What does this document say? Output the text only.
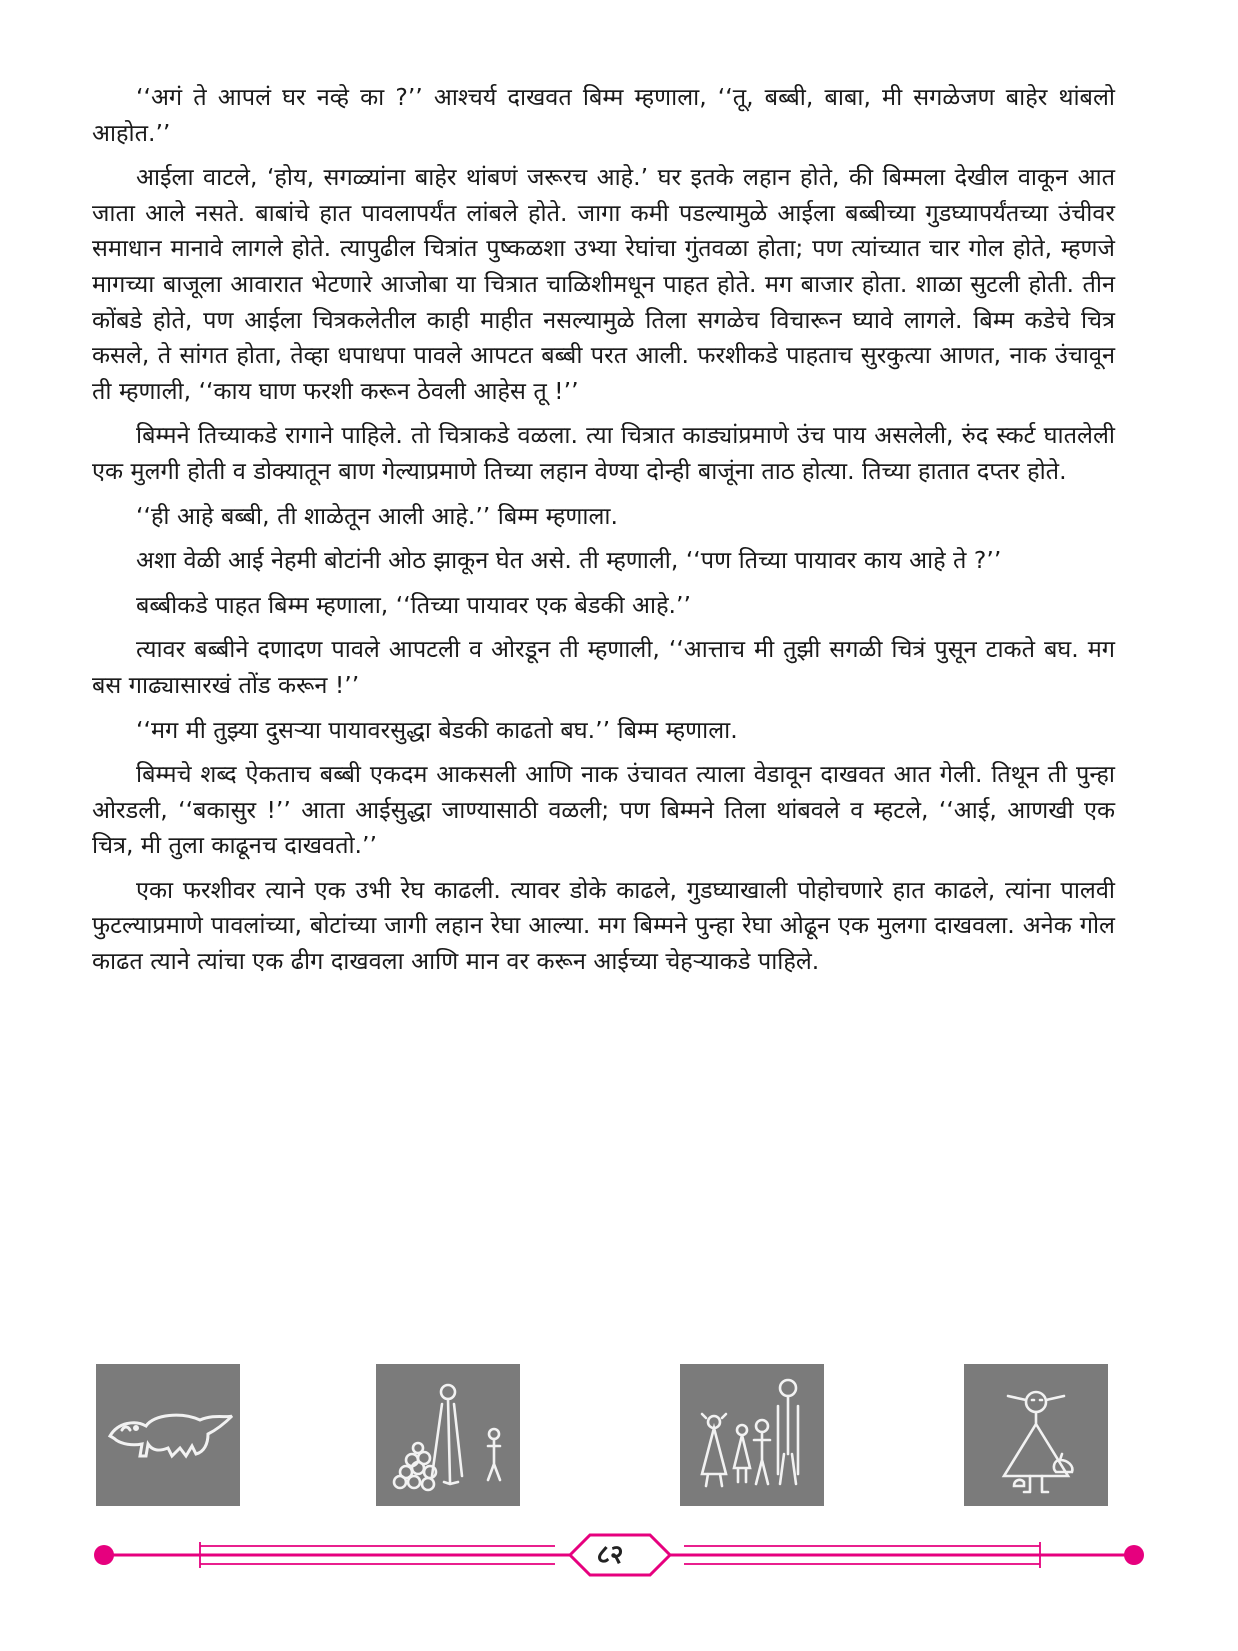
‘‘अगं ते आपलं घर नव्हे का ?’’ आश्चर्य दाखवत बिम्म म्हणाला, ‘‘तू, बब्बी, बाबा, मी सगळेजण बाहेर थांबलो आहोत.’’

आईला वाटले, ‘होय, सगळ्यांना बाहेर थांबणं जरूरच आहे.’ घर इतके लहान होते, की बिम्मला देखील वाकून आत जाता आले नसते. बाबांचे हात पावलापर्यंत लांबले होते. जागा कमी पडल्यामुळे आईला बब्बीच्या गुडघ्यापर्यंतच्या उंचीवर समाधान मानावे लागले होते. त्यापुढील चित्रांत पुष्कळशा उभ्या रेघांचा गुंतवळा होता; पण त्यांच्यात चार गोल होते, म्हणजे मागच्या बाजूला आवारात भेटणारे आजोबा या चित्रात चाळिशीमधून पाहत होते. मग बाजार होता. शाळा सुटली होती. तीन कोंबडे होते, पण आईला चित्रकलेतील काही माहीत नसल्यामुळे तिला सगळेच विचारून घ्यावे लागले. बिम्म कडेचे चित्र कसले, ते सांगत होता, तेव्हा धपाधपा पावले आपटत बब्बी परत आली. फरशीकडे पाहताच सुरकुत्या आणत, नाक उंचावून ती म्हणाली, ‘‘काय घाण फरशी करून ठेवली आहेस तू !’’

बिम्मने तिच्याकडे रागाने पाहिले. तो चित्राकडे वळला. त्या चित्रात काड्यांप्रमाणे उंच पाय असलेली, रुंद स्कर्ट घातलेली एक मुलगी होती व डोक्यातून बाण गेल्याप्रमाणे तिच्या लहान वेण्या दोन्ही बाजूंना ताठ होत्या. तिच्या हातात दप्तर होते.

‘‘ही आहे बब्बी, ती शाळेतून आली आहे.’’ बिम्म म्हणाला.

अशा वेळी आई नेहमी बोटांनी ओठ झाकून घेत असे. ती म्हणाली, ‘‘पण तिच्या पायावर काय आहे ते ?’’

बब्बीकडे पाहत बिम्म म्हणाला, ‘‘तिच्या पायावर एक बेडकी आहे.’’

त्यावर बब्बीने दणादण पावले आपटली व ओरडून ती म्हणाली, ‘‘आत्ताच मी तुझी सगळी चित्रं पुसून टाकते बघ. मग बस गाढ्यासारखं तोंड करून !’’

‘‘मग मी तुझ्या दुसऱ्या पायावरसुद्धा बेडकी काढतो बघ.’’ बिम्म म्हणाला.

बिम्मचे शब्द ऐकताच बब्बी एकदम आकसली आणि नाक उंचावत त्याला वेडावून दाखवत आत गेली. तिथून ती पुन्हा ओरडली, ‘‘बकासुर !’’ आता आईसुद्धा जाण्यासाठी वळली; पण बिम्मने तिला थांबवले व म्हटले, ‘‘आई, आणखी एक चित्र, मी तुला काढूनच दाखवतो.’’

एका फरशीवर त्याने एक उभी रेघ काढली. त्यावर डोके काढले, गुडघ्याखाली पोहोचणारे हात काढले, त्यांना पालवी फुटल्याप्रमाणे पावलांच्या, बोटांच्या जागी लहान रेघा आल्या. मग बिम्मने पुन्हा रेघा ओढून एक मुलगा दाखवला. अनेक गोल काढत त्याने त्यांचा एक ढीग दाखवला आणि मान वर करून आईच्या चेहऱ्याकडे पाहिले.

८२
